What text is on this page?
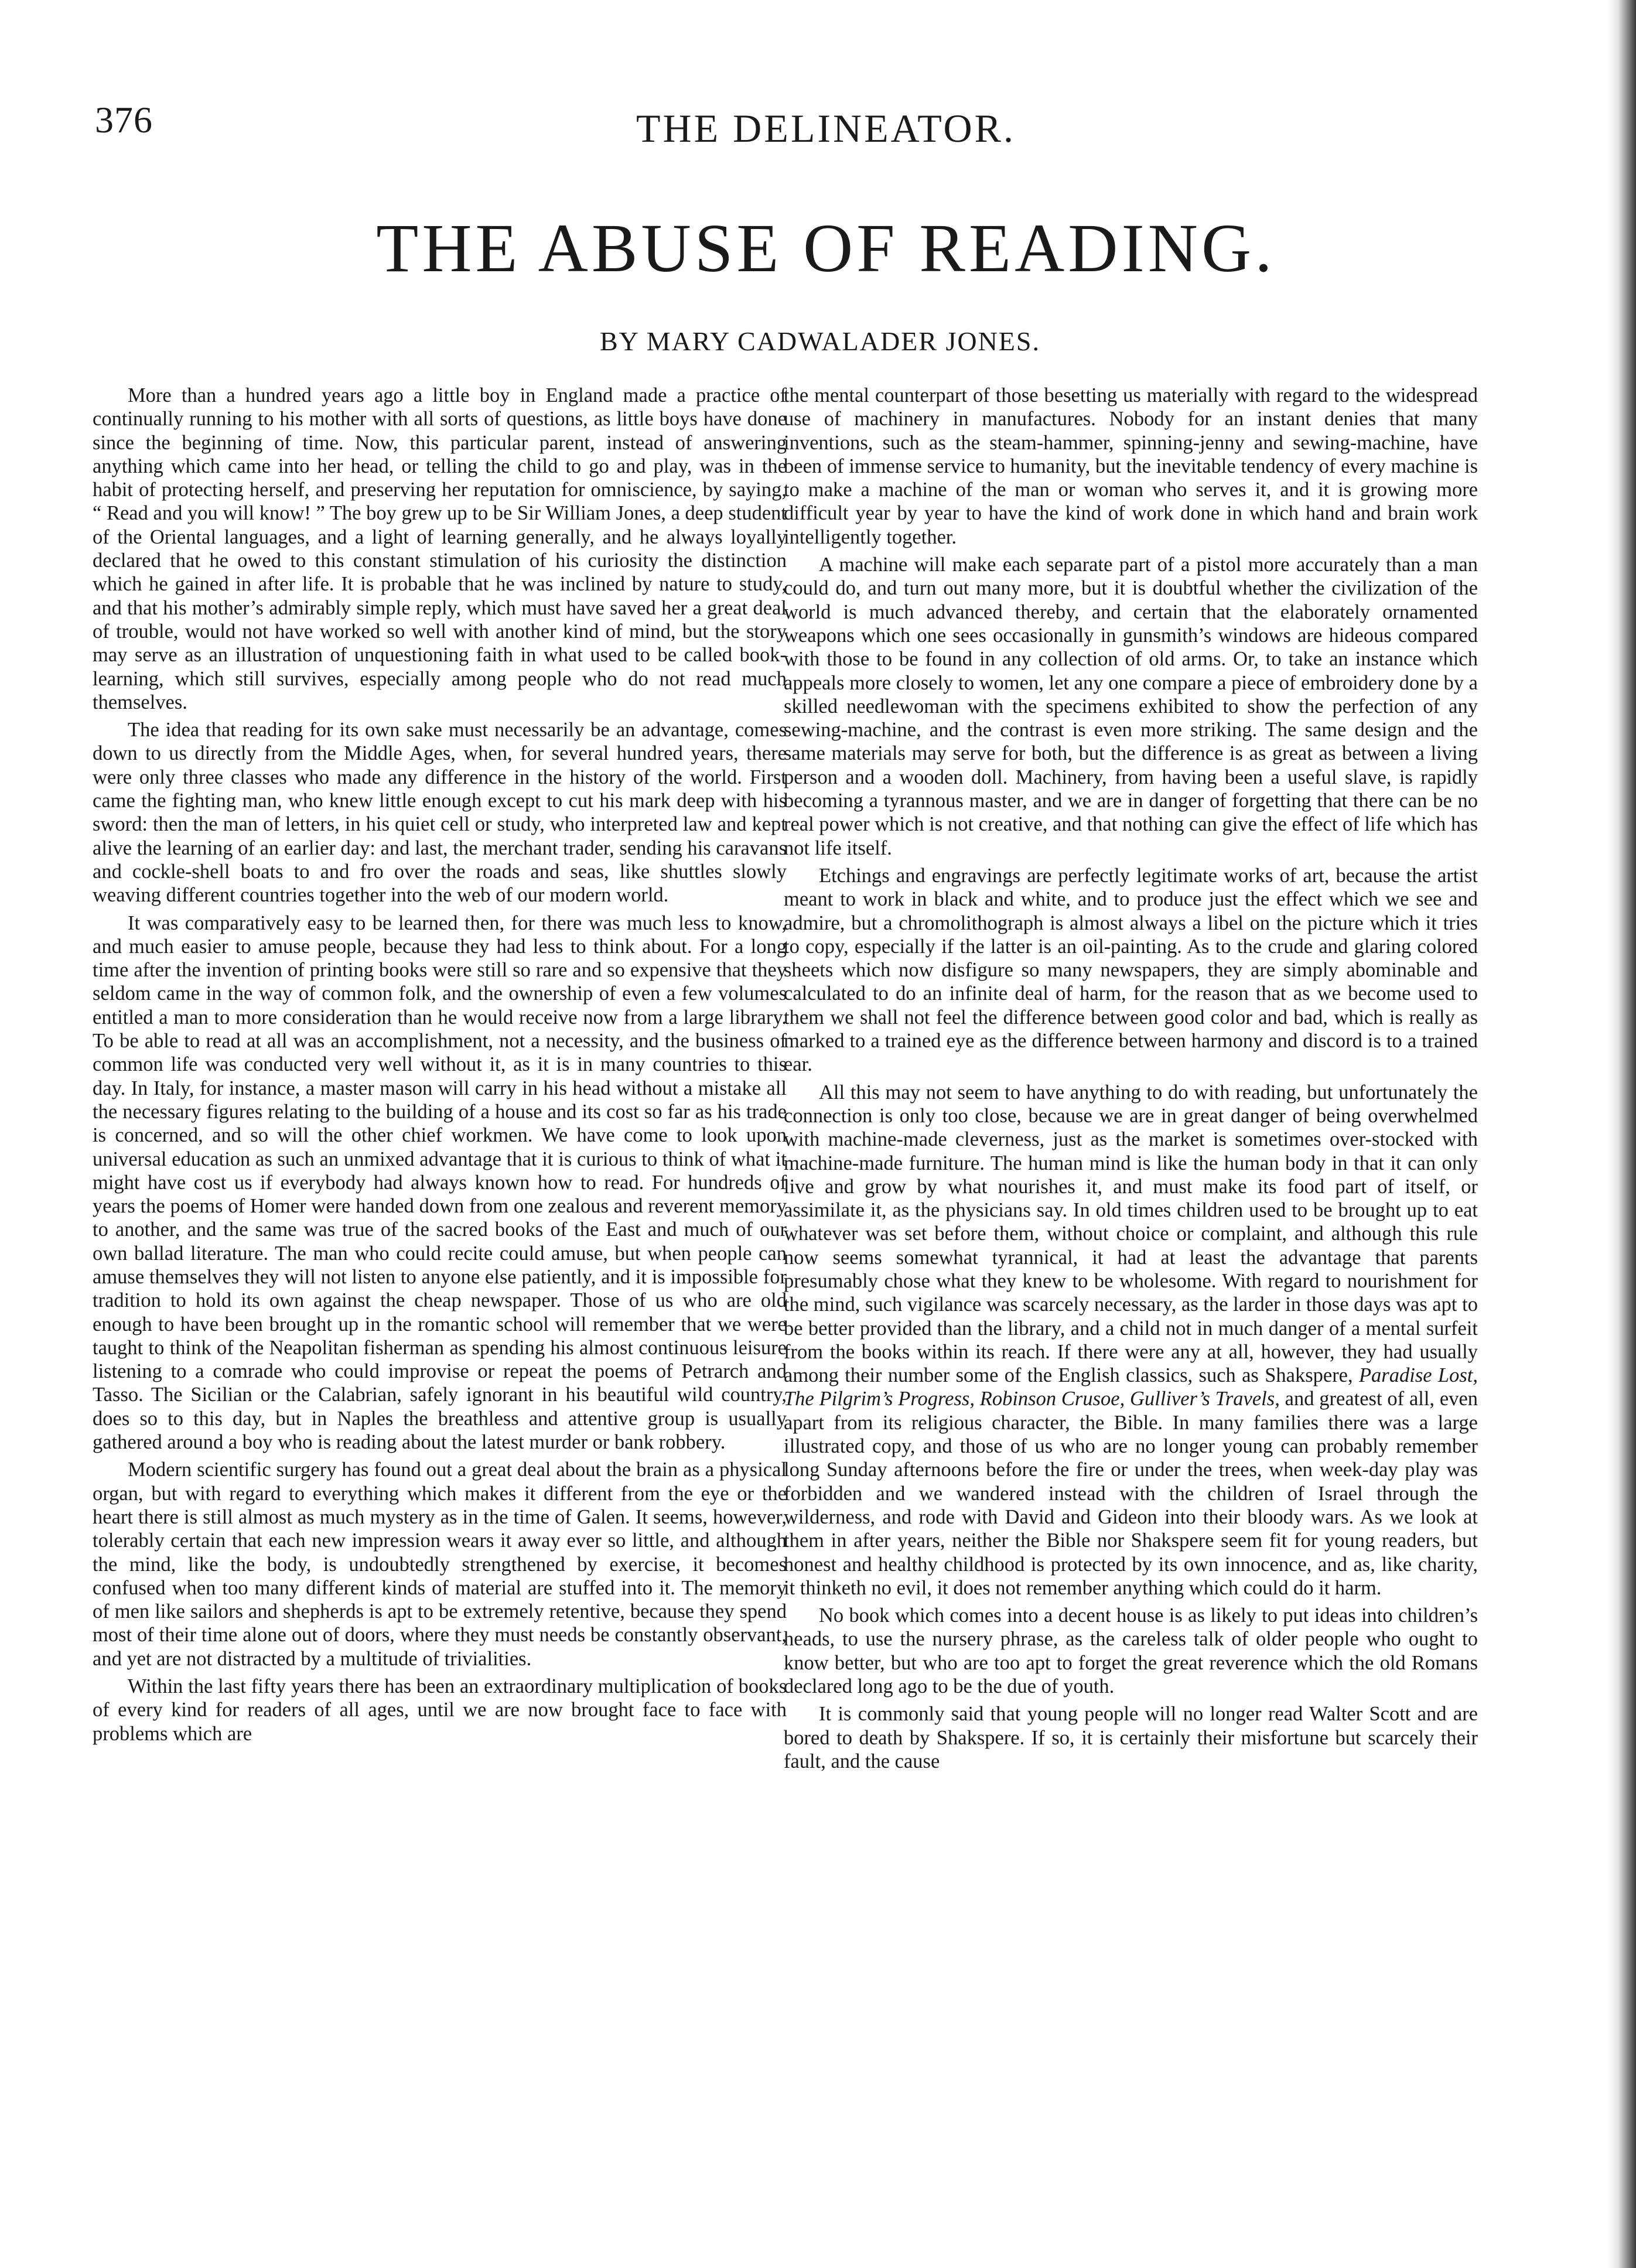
376	THE DELINEATOR.
THE ABUSE OF READING.
BY MARY CADWALADER JONES.

More than a hundred years ago a little boy in England made a practice of continually running to his mother with all sorts of questions, as little boys have done since the beginning of time. Now, this particular parent, instead of answering anything which came into her head, or telling the child to go and play, was in the habit of protecting herself, and preserving her reputation for omniscience, by saying, “ Read and you will know! ” The boy grew up to be Sir William Jones, a deep student of the Oriental languages, and a light of learning generally, and he always loyally declared that he owed to this constant stimulation of his curiosity the distinction which he gained in after life. It is probable that he was inclined by nature to study, and that his mother’s admirably simple reply, which must have saved her a great deal of trouble, would not have worked so well with another kind of mind, but the story may serve as an illustration of unquestioning faith in what used to be called book-learning, which still survives, especially among people who do not read much themselves.

The idea that reading for its own sake must necessarily be an advantage, comes down to us directly from the Middle Ages, when, for several hundred years, there were only three classes who made any difference in the history of the world. First came the fighting man, who knew little enough except to cut his mark deep with his sword: then the man of letters, in his quiet cell or study, who interpreted law and kept alive the learning of an earlier day: and last, the merchant trader, sending his caravans and cockle-shell boats to and fro over the roads and seas, like shuttles slowly weaving different countries together into the web of our modern world.

It was comparatively easy to be learned then, for there was much less to know, and much easier to amuse people, because they had less to think about. For a long time after the invention of printing books were still so rare and so expensive that they seldom came in the way of common folk, and the ownership of even a few volumes entitled a man to more consideration than he would receive now from a large library. To be able to read at all was an accomplishment, not a necessity, and the business of common life was conducted very well without it, as it is in many countries to this day. In Italy, for instance, a master mason will carry in his head without a mistake all the necessary figures relating to the building of a house and its cost so far as his trade is concerned, and so will the other chief workmen. We have come to look upon universal education as such an unmixed advantage that it is curious to think of what it might have cost us if everybody had always known how to read. For hundreds of years the poems of Homer were handed down from one zealous and reverent memory to another, and the same was true of the sacred books of the East and much of our own ballad literature. The man who could recite could amuse, but when people can amuse themselves they will not listen to anyone else patiently, and it is impossible for tradition to hold its own against the cheap newspaper. Those of us who are old enough to have been brought up in the romantic school will remember that we were taught to think of the Neapolitan fisherman as spending his almost continuous leisure listening to a comrade who could improvise or repeat the poems of Petrarch and Tasso. The Sicilian or the Calabrian, safely ignorant in his beautiful wild country, does so to this day, but in Naples the breathless and attentive group is usually gathered around a boy who is reading about the latest murder or bank robbery.

Modern scientific surgery has found out a great deal about the brain as a physical organ, but with regard to everything which makes it different from the eye or the heart there is still almost as much mystery as in the time of Galen. It seems, however, tolerably certain that each new impression wears it away ever so little, and although the mind, like the body, is undoubtedly strengthened by exercise, it becomes confused when too many different kinds of material are stuffed into it. The memory of men like sailors and shepherds is apt to be extremely retentive, because they spend most of their time alone out of doors, where they must needs be constantly observant, and yet are not distracted by a multitude of trivialities.

Within the last fifty years there has been an extraordinary multiplication of books of every kind for readers of all ages, until we are now brought face to face with problems which are

the mental counterpart of those besetting us materially with regard to the widespread use of machinery in manufactures. Nobody for an instant denies that many inventions, such as the steam-hammer, spinning-jenny and sewing-machine, have been of immense service to humanity, but the inevitable tendency of every machine is to make a machine of the man or woman who serves it, and it is growing more difficult year by year to have the kind of work done in which hand and brain work intelligently together.

A machine will make each separate part of a pistol more accurately than a man could do, and turn out many more, but it is doubtful whether the civilization of the world is much advanced thereby, and certain that the elaborately ornamented weapons which one sees occasionally in gunsmith’s windows are hideous compared with those to be found in any collection of old arms. Or, to take an instance which appeals more closely to women, let any one compare a piece of embroidery done by a skilled needlewoman with the specimens exhibited to show the perfection of any sewing-machine, and the contrast is even more striking. The same design and the same materials may serve for both, but the difference is as great as between a living person and a wooden doll. Machinery, from having been a useful slave, is rapidly becoming a tyrannous master, and we are in danger of forgetting that there can be no real power which is not creative, and that nothing can give the effect of life which has not life itself.

Etchings and engravings are perfectly legitimate works of art, because the artist meant to work in black and white, and to produce just the effect which we see and admire, but a chromolithograph is almost always a libel on the picture which it tries to copy, especially if the latter is an oil-painting. As to the crude and glaring colored sheets which now disfigure so many newspapers, they are simply abominable and calculated to do an infinite deal of harm, for the reason that as we become used to them we shall not feel the difference between good color and bad, which is really as marked to a trained eye as the difference between harmony and discord is to a trained ear.

All this may not seem to have anything to do with reading, but unfortunately the connection is only too close, because we are in great danger of being overwhelmed with machine-made cleverness, just as the market is sometimes over-stocked with machine-made furniture. The human mind is like the human body in that it can only live and grow by what nourishes it, and must make its food part of itself, or assimilate it, as the physicians say. In old times children used to be brought up to eat whatever was set before them, without choice or complaint, and although this rule now seems somewhat tyrannical, it had at least the advantage that parents presumably chose what they knew to be wholesome. With regard to nourishment for the mind, such vigilance was scarcely necessary, as the larder in those days was apt to be better provided than the library, and a child not in much danger of a mental surfeit from the books within its reach. If there were any at all, however, they had usually among their number some of the English classics, such as Shakspere, Paradise Lost, The Pilgrim’s Progress, Robinson Crusoe, Gulliver’s Travels, and greatest of all, even apart from its religious character, the Bible. In many families there was a large illustrated copy, and those of us who are no longer young can probably remember long Sunday afternoons before the fire or under the trees, when week-day play was forbidden and we wandered instead with the children of Israel through the wilderness, and rode with David and Gideon into their bloody wars. As we look at them in after years, neither the Bible nor Shakspere seem fit for young readers, but honest and healthy childhood is protected by its own innocence, and as, like charity, it thinketh no evil, it does not remember anything which could do it harm.

No book which comes into a decent house is as likely to put ideas into children’s heads, to use the nursery phrase, as the careless talk of older people who ought to know better, but who are too apt to forget the great reverence which the old Romans declared long ago to be the due of youth.

It is commonly said that young people will no longer read Walter Scott and are bored to death by Shakspere. If so, it is certainly their misfortune but scarcely their fault, and the cause
